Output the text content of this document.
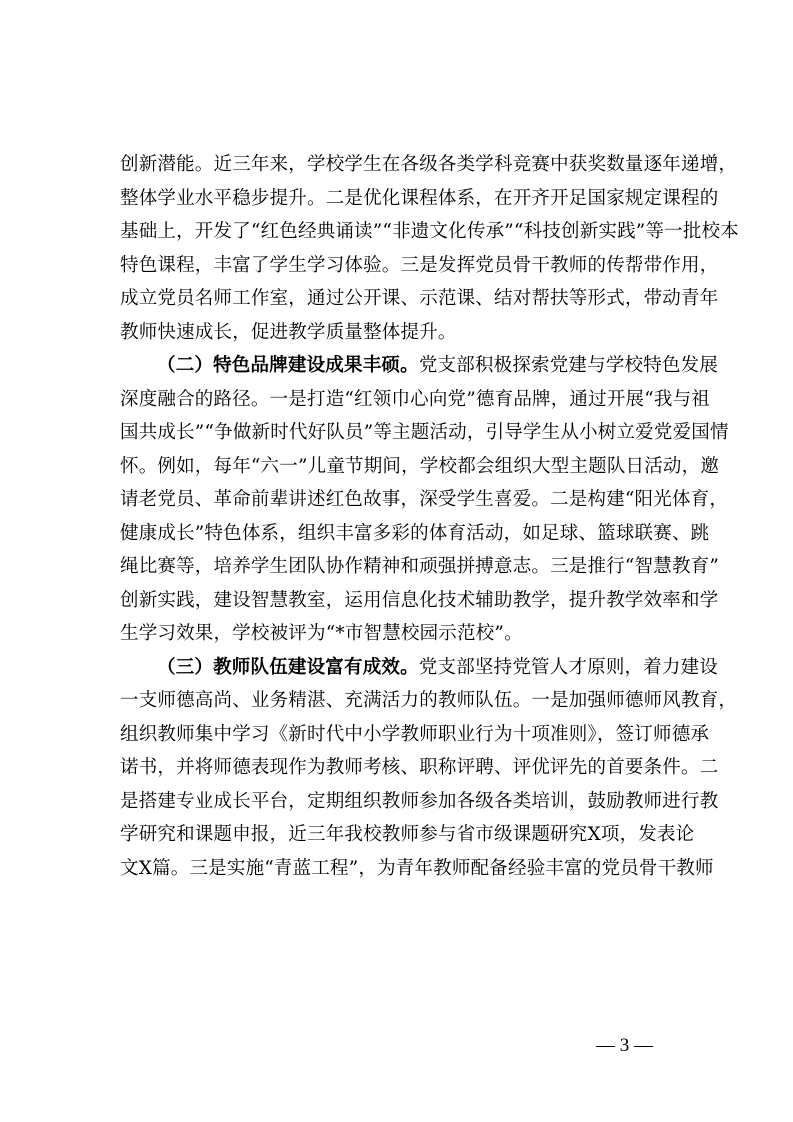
创新潜能。近三年来，学校学生在各级各类学科竞赛中获奖数量逐年递增，
整体学业水平稳步提升。二是优化课程体系，在开齐开足国家规定课程的
基础上，开发了“红色经典诵读”“非遗文化传承”“科技创新实践”等一批校本
特色课程，丰富了学生学习体验。三是发挥党员骨干教师的传帮带作用，
成立党员名师工作室，通过公开课、示范课、结对帮扶等形式，带动青年
教师快速成长，促进教学质量整体提升。
（二）特色品牌建设成果丰硕。党支部积极探索党建与学校特色发展
深度融合的路径。一是打造“红领巾心向党”德育品牌，通过开展“我与祖
国共成长”“争做新时代好队员”等主题活动，引导学生从小树立爱党爱国情
怀。例如，每年“六一”儿童节期间，学校都会组织大型主题队日活动，邀
请老党员、革命前辈讲述红色故事，深受学生喜爱。二是构建“阳光体育，
健康成长”特色体系，组织丰富多彩的体育活动，如足球、篮球联赛、跳
绳比赛等，培养学生团队协作精神和顽强拼搏意志。三是推行“智慧教育”
创新实践，建设智慧教室，运用信息化技术辅助教学，提升教学效率和学
生学习效果，学校被评为“*市智慧校园示范校”。
（三）教师队伍建设富有成效。党支部坚持党管人才原则，着力建设
一支师德高尚、业务精湛、充满活力的教师队伍。一是加强师德师风教育，
组织教师集中学习《新时代中小学教师职业行为十项准则》，签订师德承
诺书，并将师德表现作为教师考核、职称评聘、评优评先的首要条件。二
是搭建专业成长平台，定期组织教师参加各级各类培训，鼓励教师进行教
学研究和课题申报，近三年我校教师参与省市级课题研究X项，发表论
文X篇。三是实施“青蓝工程”，为青年教师配备经验丰富的党员骨干教师
— 3 —
